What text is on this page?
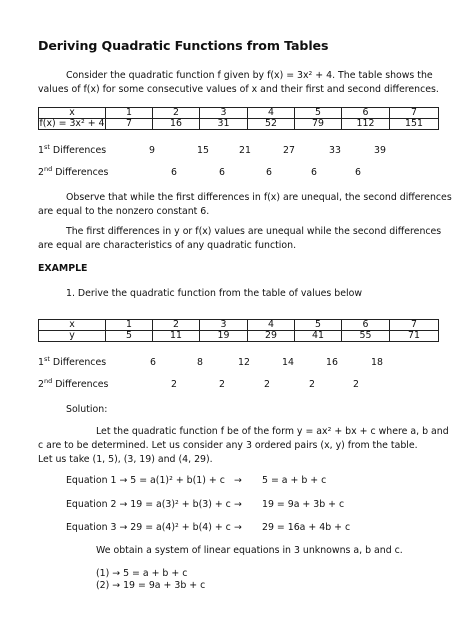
Deriving Quadratic Functions from Tables
Consider the quadratic function f given by f(x) = 3x² + 4. The table shows the
values of f(x) for some consecutive values of x and their first and second differences.
x	1	2	3	4	5	6	7
f(x) = 3x² + 4	7	16	31	52	79	112	151
1st Differences	9	15	21	27	33	39
2nd Differences	6	6	6	6	6
Observe that while the first differences in f(x) are unequal, the second differences
are equal to the nonzero constant 6.
The first differences in y or f(x) values are unequal while the second differences
are equal are characteristics of any quadratic function.
EXAMPLE
1. Derive the quadratic function from the table of values below
x	1	2	3	4	5	6	7
y	5	11	19	29	41	55	71
1st Differences	6	8	12	14	16	18
2nd Differences	2	2	2	2	2
Solution:
Let the quadratic function f be of the form y = ax² + bx + c where a, b and
c are to be determined. Let us consider any 3 ordered pairs (x, y) from the table.
Let us take (1, 5), (3, 19) and (4, 29).
Equation 1 → 5 = a(1)² + b(1) + c → 5 = a + b + c
Equation 2 → 19 = a(3)² + b(3) + c → 19 = 9a + 3b + c
Equation 3 → 29 = a(4)² + b(4) + c → 29 = 16a + 4b + c
We obtain a system of linear equations in 3 unknowns a, b and c.
(1) → 5 = a + b + c
(2) → 19 = 9a + 3b + c
